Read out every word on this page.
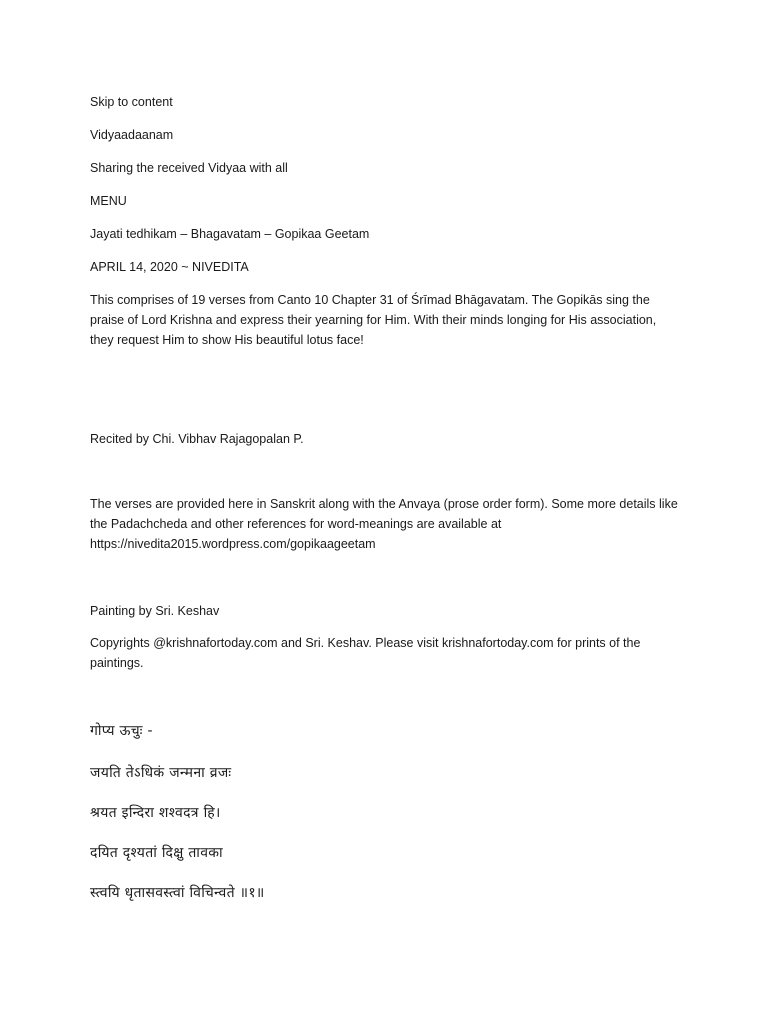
Skip to content
Vidyaadaanam
Sharing the received Vidyaa with all
MENU
Jayati tedhikam – Bhagavatam – Gopikaa Geetam
APRIL 14, 2020 ~ NIVEDITA
This comprises of 19 verses from Canto 10 Chapter 31 of Śrīmad Bhāgavatam. The Gopikās sing the praise of Lord Krishna and express their yearning for Him. With their minds longing for His association, they request Him to show His beautiful lotus face!
Recited by Chi. Vibhav Rajagopalan P.
The verses are provided here in Sanskrit along with the Anvaya (prose order form). Some more details like the Padachcheda and other references for word-meanings are available at https://nivedita2015.wordpress.com/gopikaageetam
Painting by Sri. Keshav
Copyrights @krishnafortoday.com and Sri. Keshav. Please visit krishnafortoday.com for prints of the paintings.
गोप्य ऊचुः -
जयति तेऽधिकं जन्मना व्रजः
श्रयत इन्दिरा शश्वदत्र हि।
दयित दृश्यतां दिक्षु तावका
स्त्वयि धृतासवस्त्वां विचिन्वते ॥१॥
